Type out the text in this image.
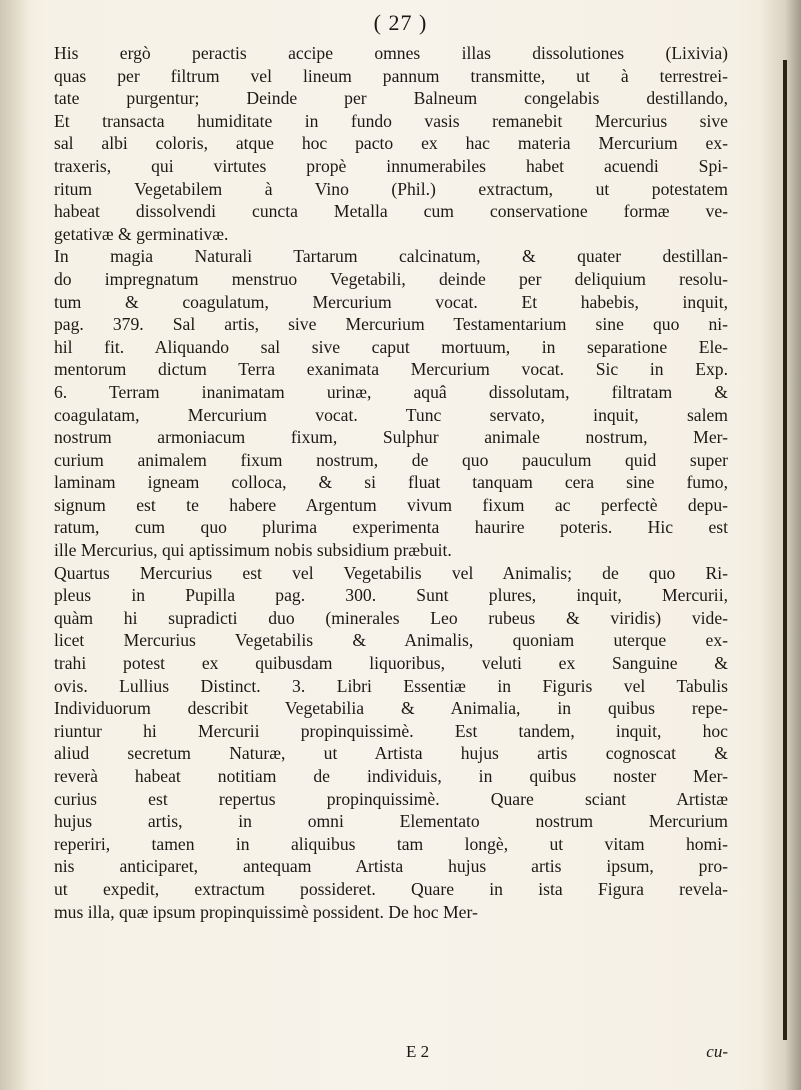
( 27 )
His ergò peractis accipe omnes illas dissolutiones (Lixivia)
quas per filtrum vel lineum pannum transmitte, ut à terrestrei-
tate purgentur; Deinde per Balneum congelabis destillando,
Et transacta humiditate in fundo vasis remanebit Mercurius sive
sal albi coloris, atque hoc pacto ex hac materia Mercurium ex-
traxeris, qui virtutes propè innumerabiles habet acuendi Spi-
ritum Vegetabilem à Vino (Phil.) extractum, ut potestatem
habeat dissolvendi cuncta Metalla cum conservatione formæ ve-
getativæ & germinativæ.
In magia Naturali Tartarum calcinatum, & quater destillan-
do impregnatum menstruo Vegetabili, deinde per deliquium resolu-
tum & coagulatum, Mercurium vocat. Et habebis, inquit,
pag. 379. Sal artis, sive Mercurium Testamentarium sine quo ni-
hil fit. Aliquando sal sive caput mortuum, in separatione Ele-
mentorum dictum Terra exanimata Mercurium vocat. Sic in Exp.
6. Terram inanimatam urinæ, aquâ dissolutam, filtratam &
coagulatam, Mercurium vocat. Tunc servato, inquit, salem
nostrum armoniacum fixum, Sulphur animale nostrum, Mer-
curium animalem fixum nostrum, de quo pauculum quid super
laminam igneam colloca, & si fluat tanquam cera sine fumo,
signum est te habere Argentum vivum fixum ac perfectè depu-
ratum, cum quo plurima experimenta haurire poteris. Hic est
ille Mercurius, qui aptissimum nobis subsidium præbuit.
Quartus Mercurius est vel Vegetabilis vel Animalis; de quo Ri-
pleus in Pupilla pag. 300. Sunt plures, inquit, Mercurii,
quàm hi supradicti duo (minerales Leo rubeus & viridis) vide-
licet Mercurius Vegetabilis & Animalis, quoniam uterque ex-
trahi potest ex quibusdam liquoribus, veluti ex Sanguine &
ovis. Lullius Distinct. 3. Libri Essentiæ in Figuris vel Tabulis
Individuorum describit Vegetabilia & Animalia, in quibus repe-
riuntur hi Mercurii propinquissimè. Est tandem, inquit, hoc
aliud secretum Naturæ, ut Artista hujus artis cognoscat &
reverà habeat notitiam de individuis, in quibus noster Mer-
curius est repertus propinquissimè. Quare sciant Artistæ
hujus artis, in omni Elementato nostrum Mercurium
reperiri, tamen in aliquibus tam longè, ut vitam homi-
nis anticiparet, antequam Artista hujus artis ipsum, pro-
ut expedit, extractum possideret. Quare in ista Figura revela-
mus illa, quæ ipsum propinquissimè possident. De hoc Mer-
E 2	cu-
